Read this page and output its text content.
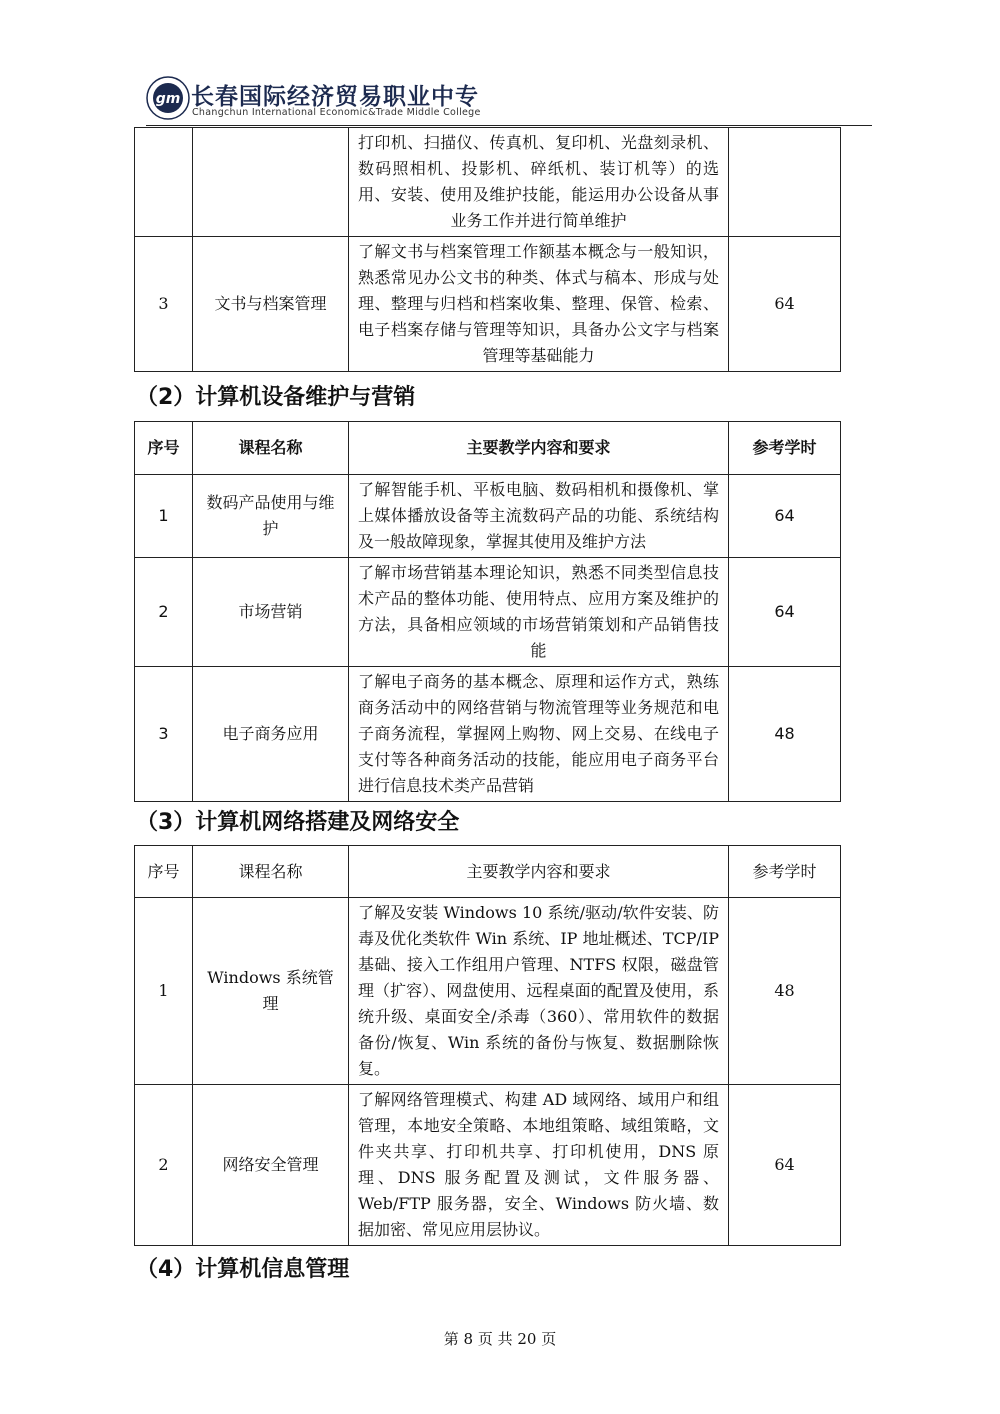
gm 长春国际经济贸易职业中专
Changchun International Economic&Trade Middle College
		打印机、扫描仪、传真机、复印机、光盘刻录机、数码照相机、投影机、碎纸机、装订机等）的选用、安装、使用及维护技能，能运用办公设备从事业务工作并进行简单维护	
3	文书与档案管理	了解文书与档案管理工作额基本概念与一般知识，熟悉常见办公文书的种类、体式与稿本、形成与处理、整理与归档和档案收集、整理、保管、检索、电子档案存储与管理等知识，具备办公文字与档案管理等基础能力	64
（2）计算机设备维护与营销
序号	课程名称	主要教学内容和要求	参考学时
1	数码产品使用与维护	了解智能手机、平板电脑、数码相机和摄像机、掌上媒体播放设备等主流数码产品的功能、系统结构及一般故障现象，掌握其使用及维护方法	64
2	市场营销	了解市场营销基本理论知识，熟悉不同类型信息技术产品的整体功能、使用特点、应用方案及维护的方法，具备相应领域的市场营销策划和产品销售技能	64
3	电子商务应用	了解电子商务的基本概念、原理和运作方式，熟练商务活动中的网络营销与物流管理等业务规范和电子商务流程，掌握网上购物、网上交易、在线电子支付等各种商务活动的技能，能应用电子商务平台进行信息技术类产品营销	48
（3）计算机网络搭建及网络安全
序号	课程名称	主要教学内容和要求	参考学时
1	Windows 系统管理	了解及安装 Windows 10 系统/驱动/软件安装、防毒及优化类软件 Win 系统、IP 地址概述、TCP/IP 基础、接入工作组用户管理、NTFS 权限，磁盘管理（扩容）、网盘使用、远程桌面的配置及使用，系统升级、桌面安全/杀毒（360）、常用软件的数据备份/恢复、Win 系统的备份与恢复、数据删除恢复。	48
2	网络安全管理	了解网络管理模式、构建 AD 域网络、域用户和组管理，本地安全策略、本地组策略、域组策略，文件夹共享、打印机共享、打印机使用，DNS 原理、DNS 服务配置及测试，文件服务器、Web/FTP 服务器，安全、Windows 防火墙、数据加密、常见应用层协议。	64
（4）计算机信息管理
第 8 页 共 20 页
